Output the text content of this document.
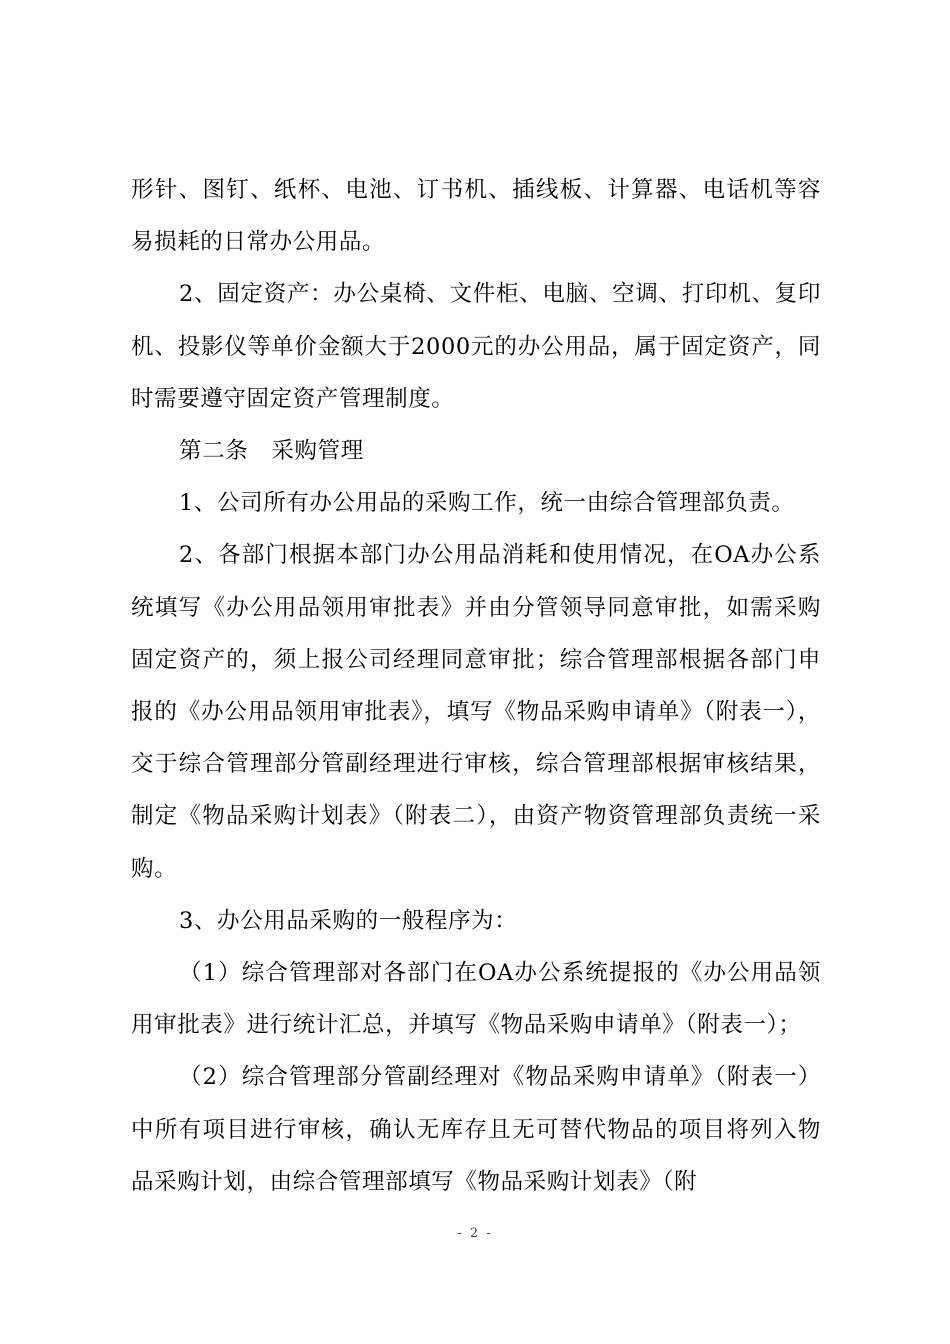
形针、图钉、纸杯、电池、订书机、插线板、计算器、电话机等容易损耗的日常办公用品。

2、固定资产：办公桌椅、文件柜、电脑、空调、打印机、复印机、投影仪等单价金额大于2000元的办公用品，属于固定资产，同时需要遵守固定资产管理制度。

第二条　采购管理

1、公司所有办公用品的采购工作，统一由综合管理部负责。

2、各部门根据本部门办公用品消耗和使用情况，在OA办公系统填写《办公用品领用审批表》并由分管领导同意审批，如需采购固定资产的，须上报公司经理同意审批；综合管理部根据各部门申报的《办公用品领用审批表》，填写《物品采购申请单》（附表一），交于综合管理部分管副经理进行审核，综合管理部根据审核结果，制定《物品采购计划表》（附表二），由资产物资管理部负责统一采购。

3、办公用品采购的一般程序为：

（1）综合管理部对各部门在OA办公系统提报的《办公用品领用审批表》进行统计汇总，并填写《物品采购申请单》（附表一）；

（2）综合管理部分管副经理对《物品采购申请单》（附表一）中所有项目进行审核，确认无库存且无可替代物品的项目将列入物品采购计划，由综合管理部填写《物品采购计划表》（附

- 2 -
